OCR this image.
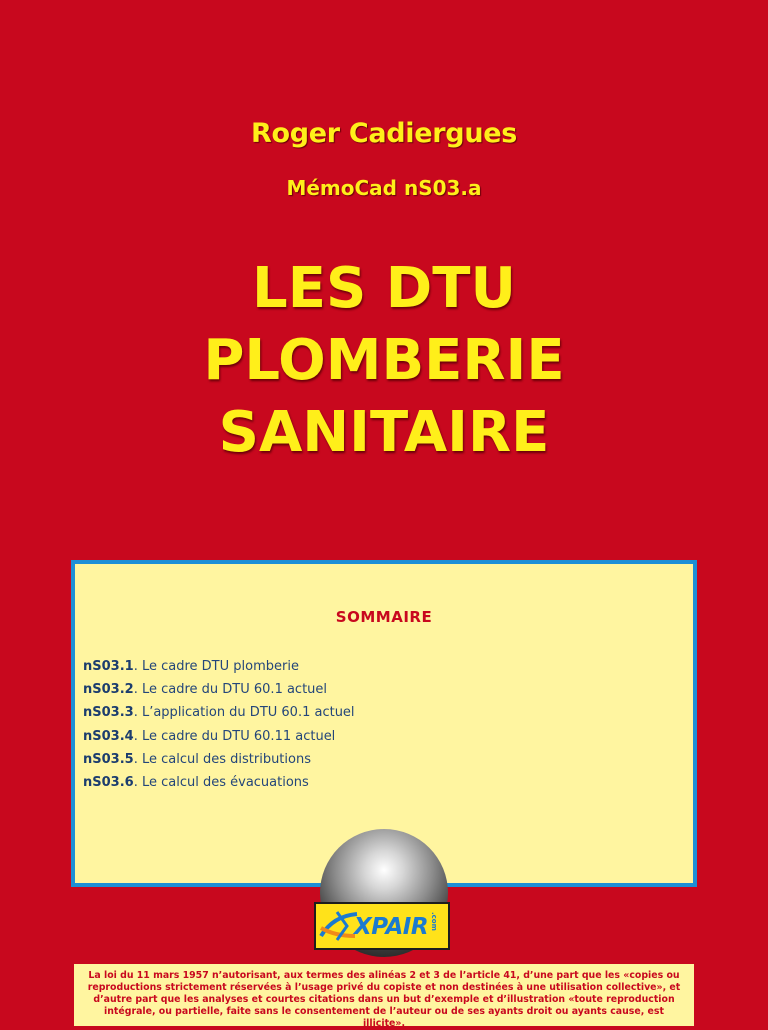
Roger Cadiergues
MémoCad nS03.a
LES DTU
PLOMBERIE
SANITAIRE
SOMMAIRE
nS03.1. Le cadre DTU plomberie
nS03.2. Le cadre du DTU 60.1 actuel
nS03.3. L’application du DTU 60.1 actuel
nS03.4. Le cadre du DTU 60.11 actuel
nS03.5. Le calcul des distributions
nS03.6. Le calcul des évacuations
XPAIR .com
La loi du 11 mars 1957 n’autorisant, aux termes des alinéas 2 et 3 de l’article 41, d’une part que les «copies ou reproductions strictement réservées à l’usage privé du copiste et non destinées à une utilisation collective», et d’autre part que les analyses et courtes citations dans un but d’exemple et d’illustration «toute reproduction intégrale, ou partielle, faite sans le consentement de l’auteur ou de ses ayants droit ou ayants cause, est illicite».
